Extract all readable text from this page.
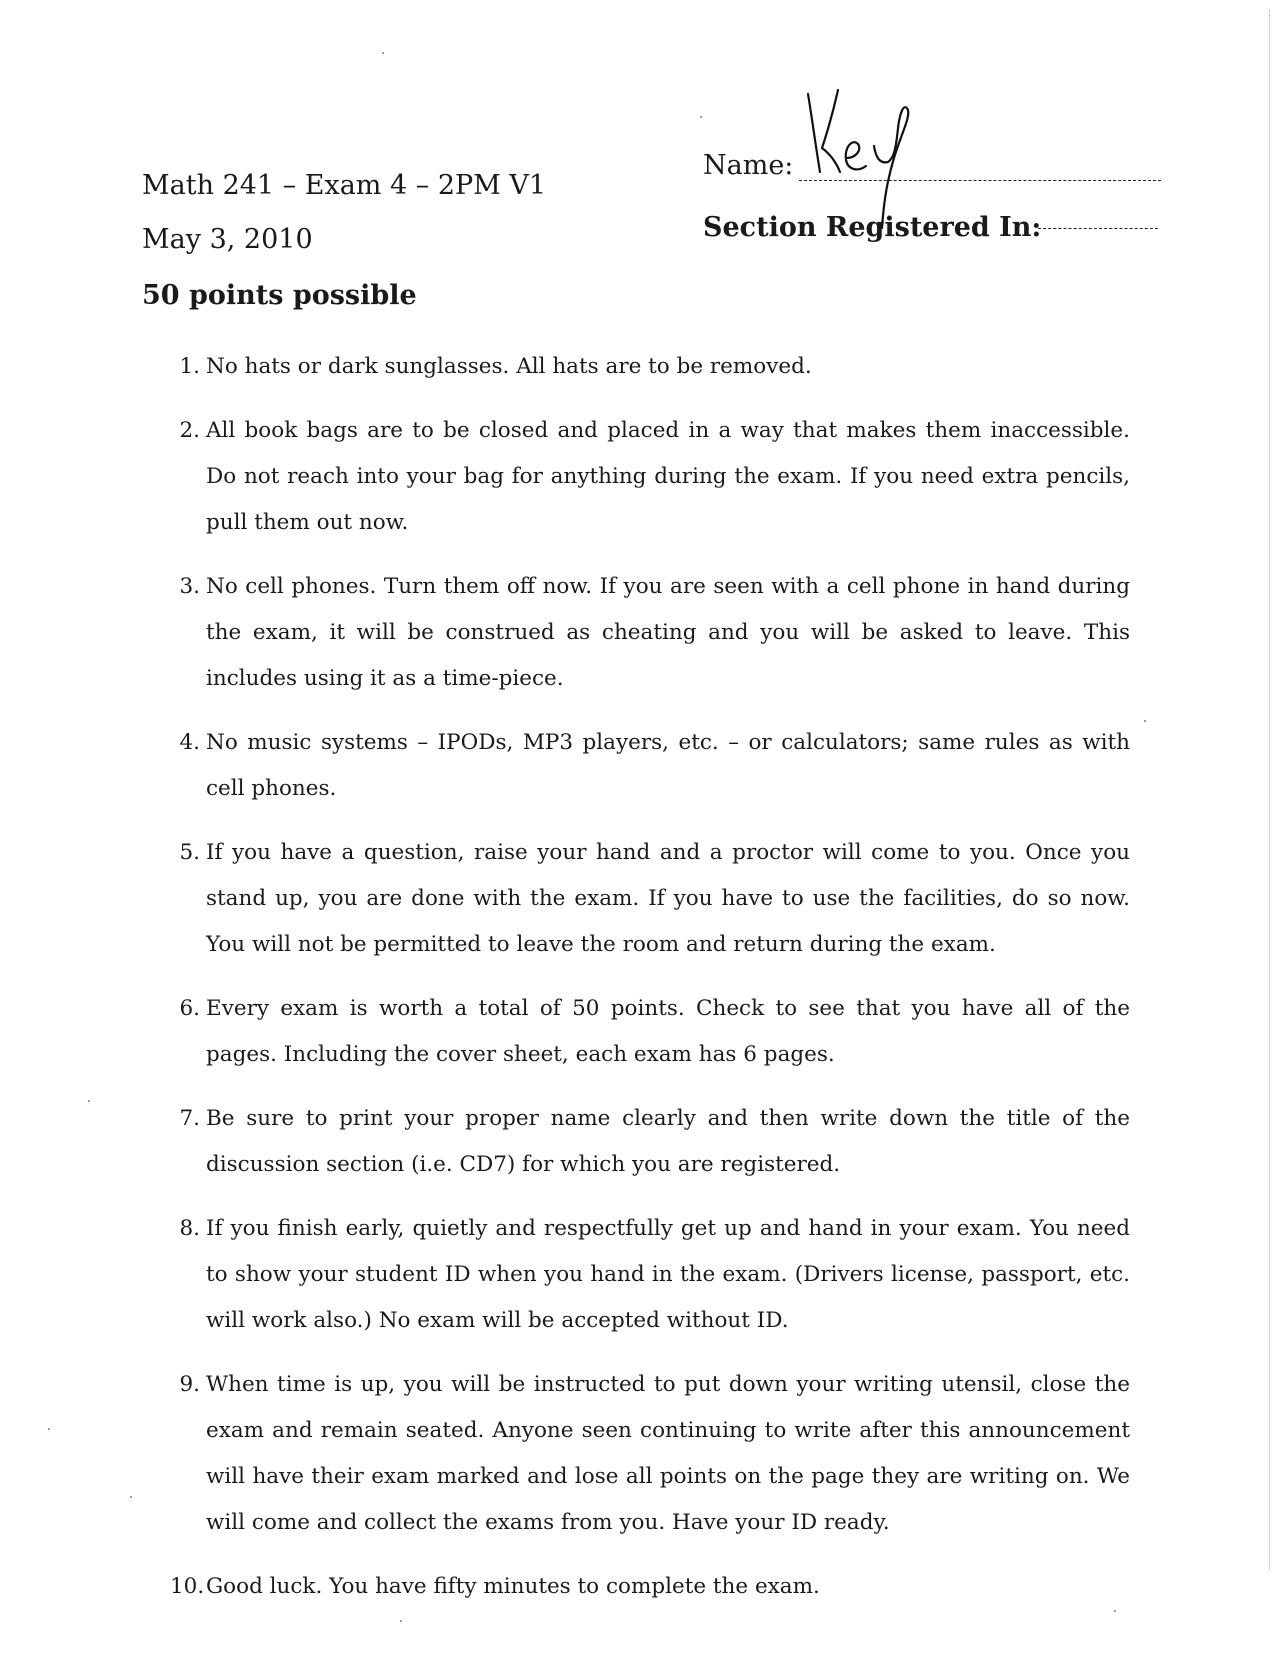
Math 241 – Exam 4 – 2PM V1
May 3, 2010
50 points possible
Name:
Section Registered In:
1. No hats or dark sunglasses. All hats are to be removed.
2. All book bags are to be closed and placed in a way that makes them inaccessible. Do not reach into your bag for anything during the exam. If you need extra pencils, pull them out now.
3. No cell phones. Turn them off now. If you are seen with a cell phone in hand during the exam, it will be construed as cheating and you will be asked to leave. This includes using it as a time-piece.
4. No music systems – IPODs, MP3 players, etc. – or calculators; same rules as with cell phones.
5. If you have a question, raise your hand and a proctor will come to you. Once you stand up, you are done with the exam. If you have to use the facilities, do so now. You will not be permitted to leave the room and return during the exam.
6. Every exam is worth a total of 50 points. Check to see that you have all of the pages. Including the cover sheet, each exam has 6 pages.
7. Be sure to print your proper name clearly and then write down the title of the discussion section (i.e. CD7) for which you are registered.
8. If you finish early, quietly and respectfully get up and hand in your exam. You need to show your student ID when you hand in the exam. (Drivers license, passport, etc. will work also.) No exam will be accepted without ID.
9. When time is up, you will be instructed to put down your writing utensil, close the exam and remain seated. Anyone seen continuing to write after this announcement will have their exam marked and lose all points on the page they are writing on. We will come and collect the exams from you. Have your ID ready.
10. Good luck. You have fifty minutes to complete the exam.
